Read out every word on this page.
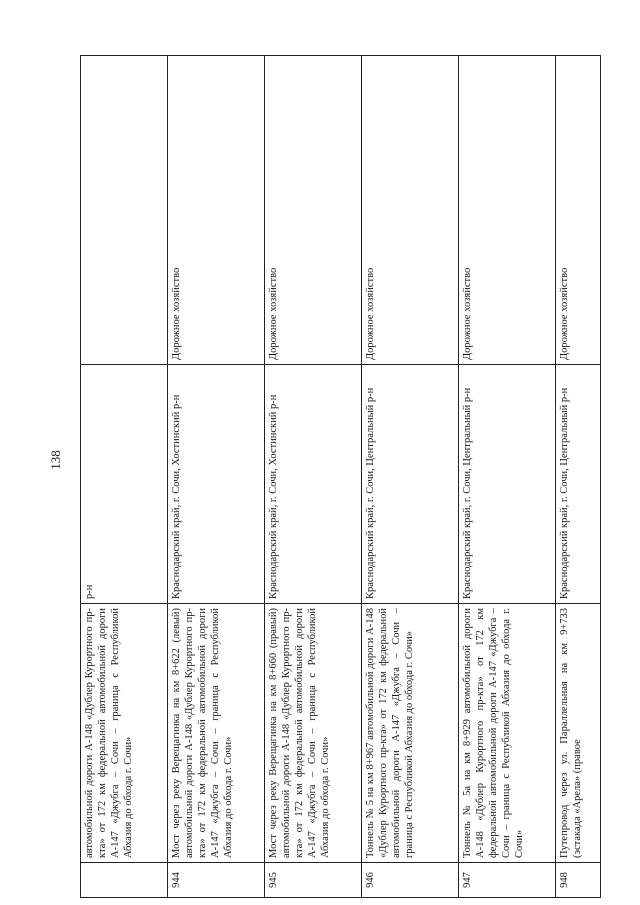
138
	автомобильной дороги А-148 «Дублер Курортного пр-кта» от 172 км федеральной автомобильной дороги А-147 «Джубга – Сочи – граница с Республикой Абхазия до обхода г. Сочи»	р-н	
944	Мост через реку Верещагинка на км 8+622 (левый) автомобильной дороги А-148 «Дублер Курортного пр-кта» от 172 км федеральной автомобильной дороги А-147 «Джубга – Сочи – граница с Республикой Абхазия до обхода г. Сочи»	Краснодарский край, г. Сочи, Хостинский р-н	Дорожное хозяйство
945	Мост через реку Верещагинка на км 8+660 (правый) автомобильной дороги А-148 «Дублер Курортного пр-кта» от 172 км федеральной автомобильной дороги А-147 «Джубга – Сочи – граница с Республикой Абхазия до обхода г. Сочи»	Краснодарский край, г. Сочи, Хостинский р-н	Дорожное хозяйство
946	Тоннель № 5 на км 8+967 автомобильной дороги А-148 «Дублер Курортного пр-кта» от 172 км федеральной автомобильной дороги А-147 «Джубга – Сочи – граница с Республикой Абхазия до обхода г. Сочи»	Краснодарский край, г. Сочи, Центральный р-н	Дорожное хозяйство
947	Тоннель № 5а на км 8+929 автомобильной дороги А-148 «Дублер Курортного пр-кта» от 172 км федеральной автомобильной дороги А-147 «Джубга – Сочи – граница с Республикой Абхазия до обхода г. Сочи»	Краснодарский край, г. Сочи, Центральный р-н	Дорожное хозяйство
948	Путепровод через ул. Параллельная на км 9+733 (эстакада «Арела» (правое	Краснодарский край, г. Сочи, Центральный р-н	Дорожное хозяйство
